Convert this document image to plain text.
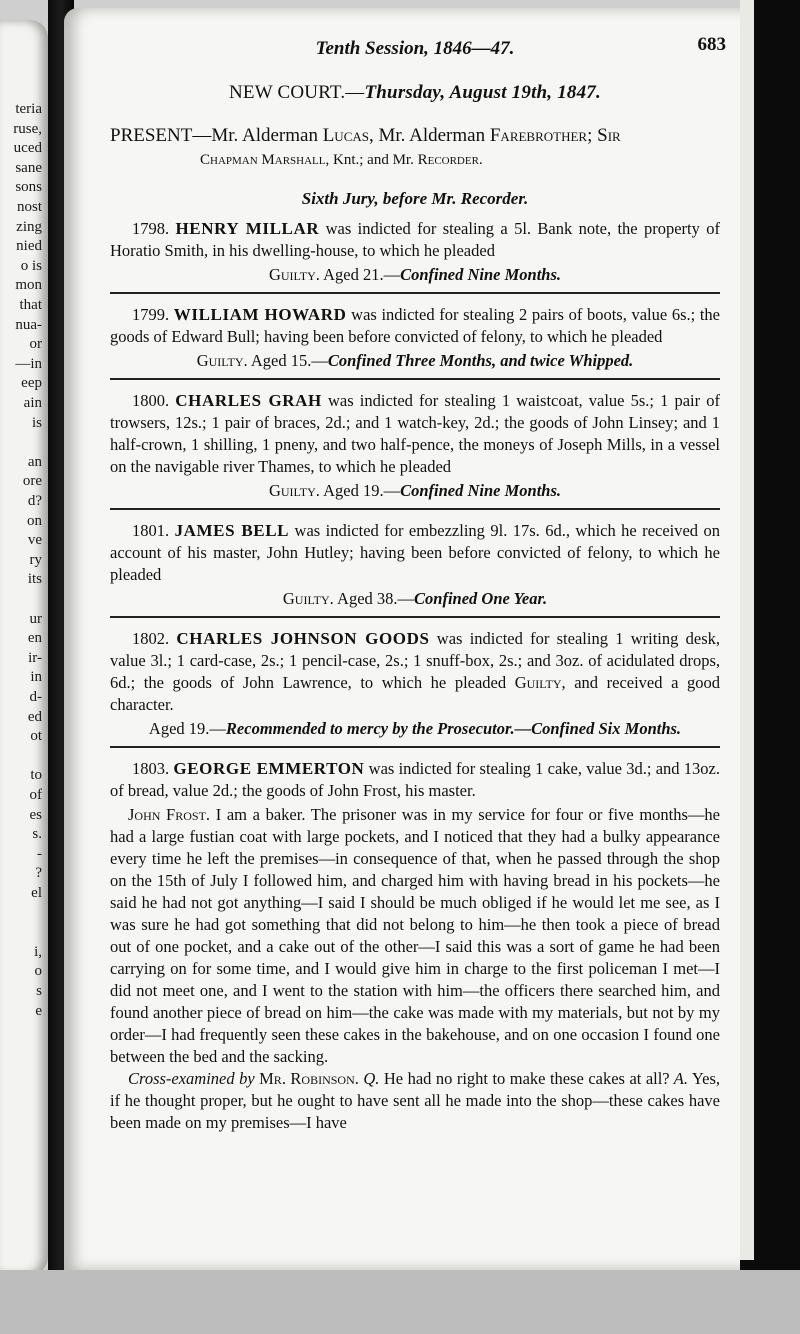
teria
ruse,
uced
sane
sons
nost
zing
nied
o is
mon
that
nua-
or
—in
eep
ain
is
an
ore
d?
on
ve
ry
its
ur
en
ir-
in
d-
ed
ot
to
of
es
s.
-
?
el
i,
o
s
e
Tenth Session, 1846—47.	683
NEW COURT.—Thursday, August 19th, 1847.
PRESENT—Mr. Alderman Lucas, Mr. Alderman Farebrother; Sir
Chapman Marshall, Knt.; and Mr. Recorder.
Sixth Jury, before Mr. Recorder.

1798. HENRY MILLAR was indicted for stealing a 5l. Bank note, the property of Horatio Smith, in his dwelling-house, to which he pleaded

Guilty. Aged 21.—Confined Nine Months.

1799. WILLIAM HOWARD was indicted for stealing 2 pairs of boots, value 6s.; the goods of Edward Bull; having been before convicted of felony, to which he pleaded

Guilty. Aged 15.—Confined Three Months, and twice Whipped.

1800. CHARLES GRAH was indicted for stealing 1 waistcoat, value 5s.; 1 pair of trowsers, 12s.; 1 pair of braces, 2d.; and 1 watch-key, 2d.; the goods of John Linsey; and 1 half-crown, 1 shilling, 1 pneny, and two half-pence, the moneys of Joseph Mills, in a vessel on the navigable river Thames, to which he pleaded

Guilty. Aged 19.—Confined Nine Months.

1801. JAMES BELL was indicted for embezzling 9l. 17s. 6d., which he received on account of his master, John Hutley; having been before convicted of felony, to which he pleaded

Guilty. Aged 38.—Confined One Year.

1802. CHARLES JOHNSON GOODS was indicted for stealing 1 writing desk, value 3l.; 1 card-case, 2s.; 1 pencil-case, 2s.; 1 snuff-box, 2s.; and 3oz. of acidulated drops, 6d.; the goods of John Lawrence, to which he pleaded Guilty, and received a good character.

Aged 19.—Recommended to mercy by the Prosecutor.—Confined Six Months.

1803. GEORGE EMMERTON was indicted for stealing 1 cake, value 3d.; and 13oz. of bread, value 2d.; the goods of John Frost, his master.

John Frost. I am a baker. The prisoner was in my service for four or five months—he had a large fustian coat with large pockets, and I noticed that they had a bulky appearance every time he left the premises—in consequence of that, when he passed through the shop on the 15th of July I followed him, and charged him with having bread in his pockets—he said he had not got anything—I said I should be much obliged if he would let me see, as I was sure he had got something that did not belong to him—he then took a piece of bread out of one pocket, and a cake out of the other—I said this was a sort of game he had been carrying on for some time, and I would give him in charge to the first policeman I met—I did not meet one, and I went to the station with him—the officers there searched him, and found another piece of bread on him—the cake was made with my materials, but not by my order—I had frequently seen these cakes in the bakehouse, and on one occasion I found one between the bed and the sacking.

Cross-examined by Mr. Robinson. Q. He had no right to make these cakes at all? A. Yes, if he thought proper, but he ought to have sent all he made into the shop—these cakes have been made on my premises—I have
